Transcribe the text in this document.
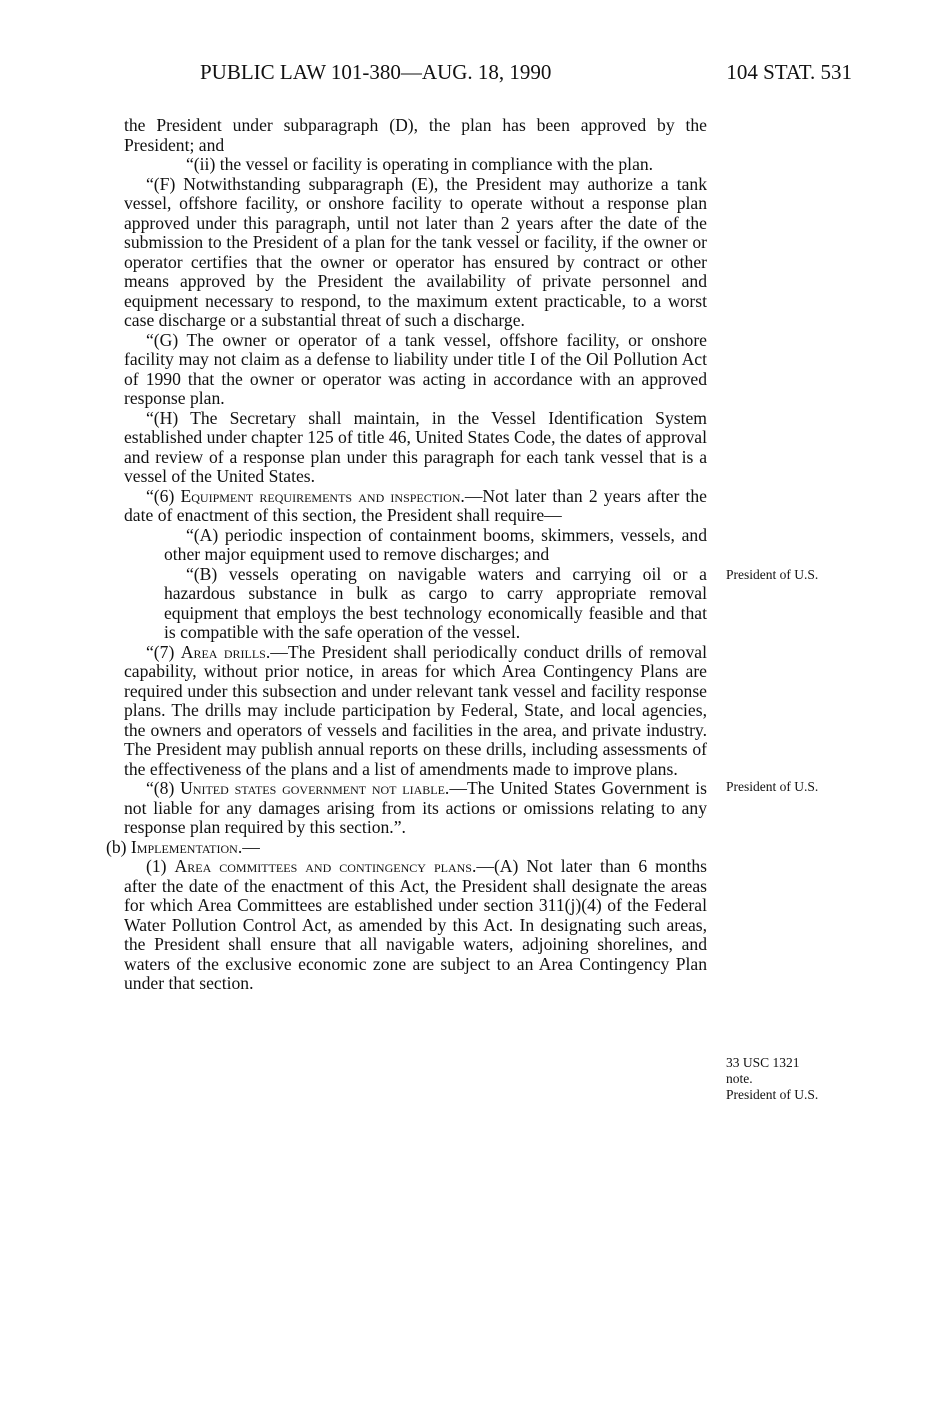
PUBLIC LAW 101-380—AUG. 18, 1990	104 STAT. 531

the President under subparagraph (D), the plan has been approved by the President; and

“(ii) the vessel or facility is operating in compliance with the plan.

“(F) Notwithstanding subparagraph (E), the President may authorize a tank vessel, offshore facility, or onshore facility to operate without a response plan approved under this paragraph, until not later than 2 years after the date of the submission to the President of a plan for the tank vessel or facility, if the owner or operator certifies that the owner or operator has ensured by contract or other means approved by the President the availability of private personnel and equipment necessary to respond, to the maximum extent practicable, to a worst case discharge or a substantial threat of such a discharge.

“(G) The owner or operator of a tank vessel, offshore facility, or onshore facility may not claim as a defense to liability under title I of the Oil Pollution Act of 1990 that the owner or operator was acting in accordance with an approved response plan.

“(H) The Secretary shall maintain, in the Vessel Identification System established under chapter 125 of title 46, United States Code, the dates of approval and review of a response plan under this paragraph for each tank vessel that is a vessel of the United States.

“(6) Equipment requirements and inspection.—Not later than 2 years after the date of enactment of this section, the President shall require—

“(A) periodic inspection of containment booms, skimmers, vessels, and other major equipment used to remove discharges; and

“(B) vessels operating on navigable waters and carrying oil or a hazardous substance in bulk as cargo to carry appropriate removal equipment that employs the best technology economically feasible and that is compatible with the safe operation of the vessel.

“(7) Area drills.—The President shall periodically conduct drills of removal capability, without prior notice, in areas for which Area Contingency Plans are required under this subsection and under relevant tank vessel and facility response plans. The drills may include participation by Federal, State, and local agencies, the owners and operators of vessels and facilities in the area, and private industry. The President may publish annual reports on these drills, including assessments of the effectiveness of the plans and a list of amendments made to improve plans.

“(8) United states government not liable.—The United States Government is not liable for any damages arising from its actions or omissions relating to any response plan required by this section.”.

(b) Implementation.—

(1) Area committees and contingency plans.—(A) Not later than 6 months after the date of the enactment of this Act, the President shall designate the areas for which Area Committees are established under section 311(j)(4) of the Federal Water Pollution Control Act, as amended by this Act. In designating such areas, the President shall ensure that all navigable waters, adjoining shorelines, and waters of the exclusive economic zone are subject to an Area Contingency Plan under that section.

President of U.S.
President of U.S.
33 USC 1321
note.
President of U.S.
